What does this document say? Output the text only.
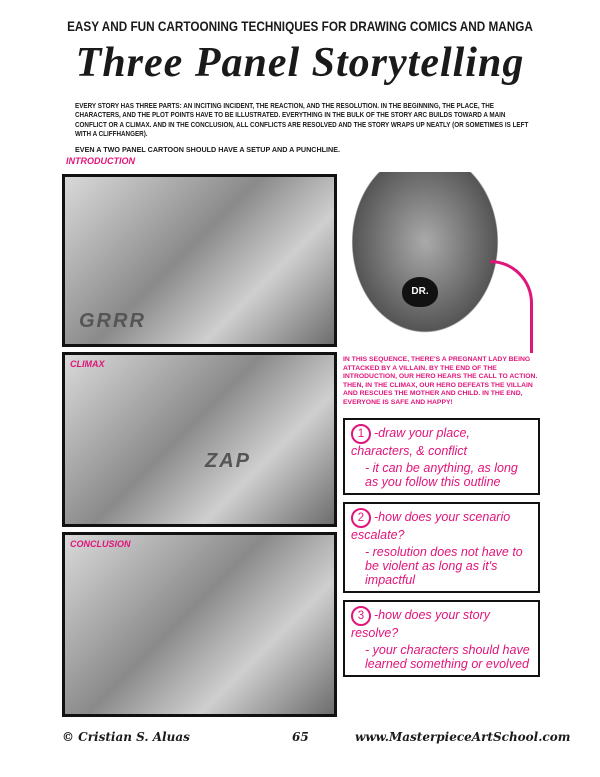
EASY AND FUN CARTOONING TECHNIQUES FOR DRAWING COMICS AND MANGA
Three Panel Storytelling
EVERY STORY HAS THREE PARTS: AN INCITING INCIDENT, THE REACTION, AND THE RESOLUTION. IN THE BEGINNING, THE PLACE, THE CHARACTERS, AND THE PLOT POINTS HAVE TO BE ILLUSTRATED. EVERYTHING IN THE BULK OF THE STORY ARC BUILDS TOWARD A MAIN CONFLICT OR A CLIMAX. AND IN THE CONCLUSION, ALL CONFLICTS ARE RESOLVED AND THE STORY WRAPS UP NEATLY (OR SOMETIMES IS LEFT WITH A CLIFFHANGER).
EVEN A TWO PANEL CARTOON SHOULD HAVE A SETUP AND A PUNCHLINE.
INTRODUCTION
GRRR
DR.
CLIMAX
ZAP
CONCLUSION
IN THIS SEQUENCE, THERE'S A PREGNANT LADY BEING ATTACKED BY A VILLAIN. BY THE END OF THE INTRODUCTION, OUR HERO HEARS THE CALL TO ACTION. THEN, IN THE CLIMAX, OUR HERO DEFEATS THE VILLAIN AND RESCUES THE MOTHER AND CHILD. IN THE END, EVERYONE IS SAFE AND HAPPY!
1 -draw your place, characters, & conflict
- it can be anything, as long as you follow this outline
2 -how does your scenario escalate?
- resolution does not have to be violent as long as it's impactful
3 -how does your story resolve?
- your characters should have learned something or evolved
© Cristian S. Aluas	65	www.MasterpieceArtSchool.com
